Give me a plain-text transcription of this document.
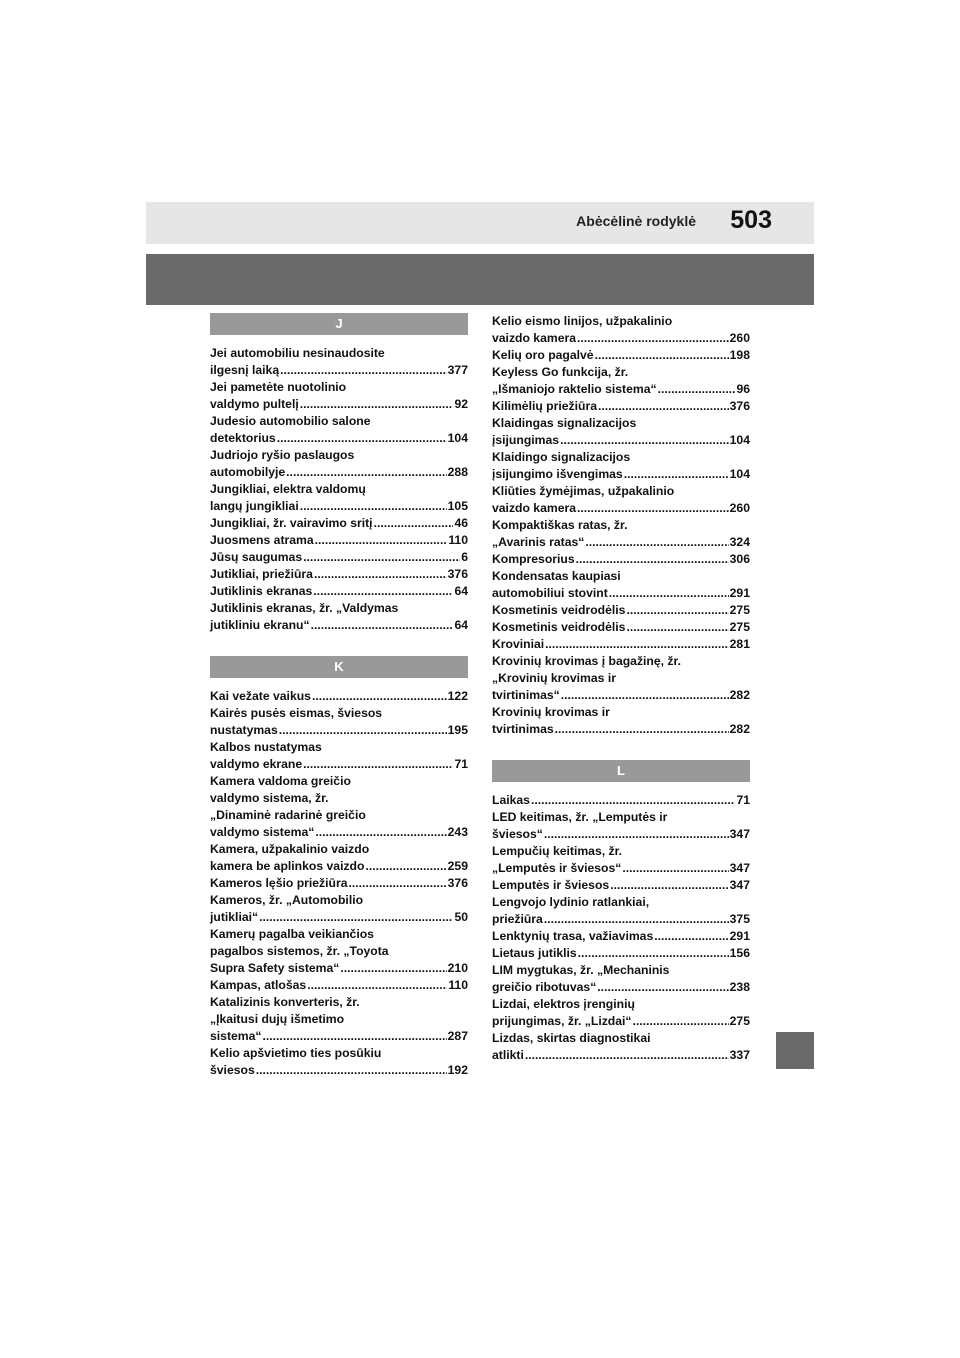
Abėcėlinė rodyklė 503
J
Jei automobiliu nesinaudosite
ilgesnį laiką .....	377
Jei pametėte nuotolinio
valdymo pultelį .....	92
Judesio automobilio salone
detektorius .....	104
Judriojo ryšio paslaugos
automobilyje .....	288
Jungikliai, elektra valdomų
langų jungikliai .....	105
Jungikliai, žr. vairavimo sritį .....	46
Juosmens atrama .....	110
Jūsų saugumas .....	6
Jutikliai, priežiūra .....	376
Jutiklinis ekranas .....	64
Jutiklinis ekranas, žr. „Valdymas
jutikliniu ekranu“ .....	64
K
Kai vežate vaikus .....	122
Kairės pusės eismas, šviesos
nustatymas .....	195
Kalbos nustatymas
valdymo ekrane .....	71
Kamera valdoma greičio
valdymo sistema, žr.
„Dinaminė radarinė greičio
valdymo sistema“ .....	243
Kamera, užpakalinio vaizdo
kamera be aplinkos vaizdo .....	259
Kameros lęšio priežiūra .....	376
Kameros, žr. „Automobilio
jutikliai“ .....	50
Kamerų pagalba veikiančios
pagalbos sistemos, žr. „Toyota
Supra Safety sistema“ .....	210
Kampas, atlošas .....	110
Katalizinis konverteris, žr.
„Įkaitusi dujų išmetimo
sistema“ .....	287
Kelio apšvietimo ties posūkiu
šviesos .....	192
Kelio eismo linijos, užpakalinio
vaizdo kamera .....	260
Kelių oro pagalvė .....	198
Keyless Go funkcija, žr.
„Išmaniojo raktelio sistema“ .....	96
Kilimėlių priežiūra .....	376
Klaidingas signalizacijos
įsijungimas .....	104
Klaidingo signalizacijos
įsijungimo išvengimas .....	104
Kliūties žymėjimas, užpakalinio
vaizdo kamera .....	260
Kompaktiškas ratas, žr.
„Avarinis ratas“ .....	324
Kompresorius .....	306
Kondensatas kaupiasi
automobiliui stovint .....	291
Kosmetinis veidrodėlis .....	275
Kosmetinis veidrodėlis .....	275
Kroviniai .....	281
Krovinių krovimas į bagažinę, žr.
„Krovinių krovimas ir
tvirtinimas“ .....	282
Krovinių krovimas ir
tvirtinimas .....	282
L
Laikas .....	71
LED keitimas, žr. „Lemputės ir
šviesos“ .....	347
Lempučių keitimas, žr.
„Lemputės ir šviesos“ .....	347
Lemputės ir šviesos .....	347
Lengvojo lydinio ratlankiai,
priežiūra .....	375
Lenktynių trasa, važiavimas .....	291
Lietaus jutiklis .....	156
LIM mygtukas, žr. „Mechaninis
greičio ribotuvas“ .....	238
Lizdai, elektros įrenginių
prijungimas, žr. „Lizdai“ .....	275
Lizdas, skirtas diagnostikai
atlikti .....	337
